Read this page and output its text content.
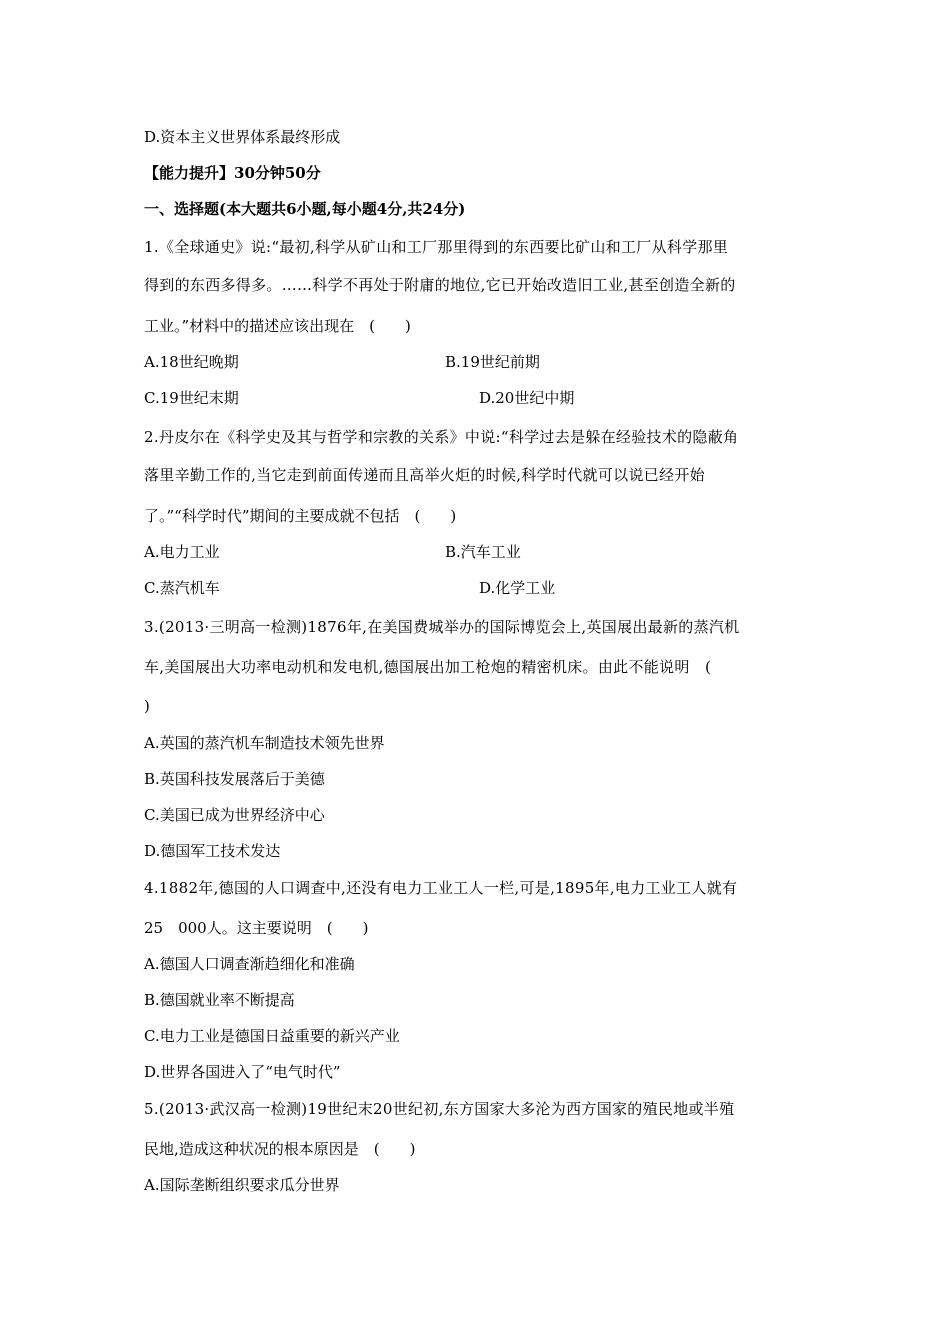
D.资本主义世界体系最终形成

【能力提升】30分钟50分

一、选择题(本大题共6小题,每小题4分,共24分)

1.《全球通史》说:“最初,科学从矿山和工厂那里得到的东西要比矿山和工厂从科学那里

得到的东西多得多。……科学不再处于附庸的地位,它已开始改造旧工业,甚至创造全新的

工业。”材料中的描述应该出现在　(　　)

A.18世纪晚期	B.19世纪前期

C.19世纪末期	D.20世纪中期

2.丹皮尔在《科学史及其与哲学和宗教的关系》中说:“科学过去是躲在经验技术的隐蔽角

落里辛勤工作的,当它走到前面传递而且高举火炬的时候,科学时代就可以说已经开始

了。”“科学时代”期间的主要成就不包括　(　　)

A.电力工业	B.汽车工业

C.蒸汽机车	D.化学工业

3.(2013·三明高一检测)1876年,在美国费城举办的国际博览会上,英国展出最新的蒸汽机

车,美国展出大功率电动机和发电机,德国展出加工枪炮的精密机床。由此不能说明　(

)

A.英国的蒸汽机车制造技术领先世界

B.英国科技发展落后于美德

C.美国已成为世界经济中心

D.德国军工技术发达

4.1882年,德国的人口调查中,还没有电力工业工人一栏,可是,1895年,电力工业工人就有

25　000人。这主要说明　(　　)

A.德国人口调查渐趋细化和准确

B.德国就业率不断提高

C.电力工业是德国日益重要的新兴产业

D.世界各国进入了“电气时代”

5.(2013·武汉高一检测)19世纪末20世纪初,东方国家大多沦为西方国家的殖民地或半殖

民地,造成这种状况的根本原因是　(　　)

A.国际垄断组织要求瓜分世界
